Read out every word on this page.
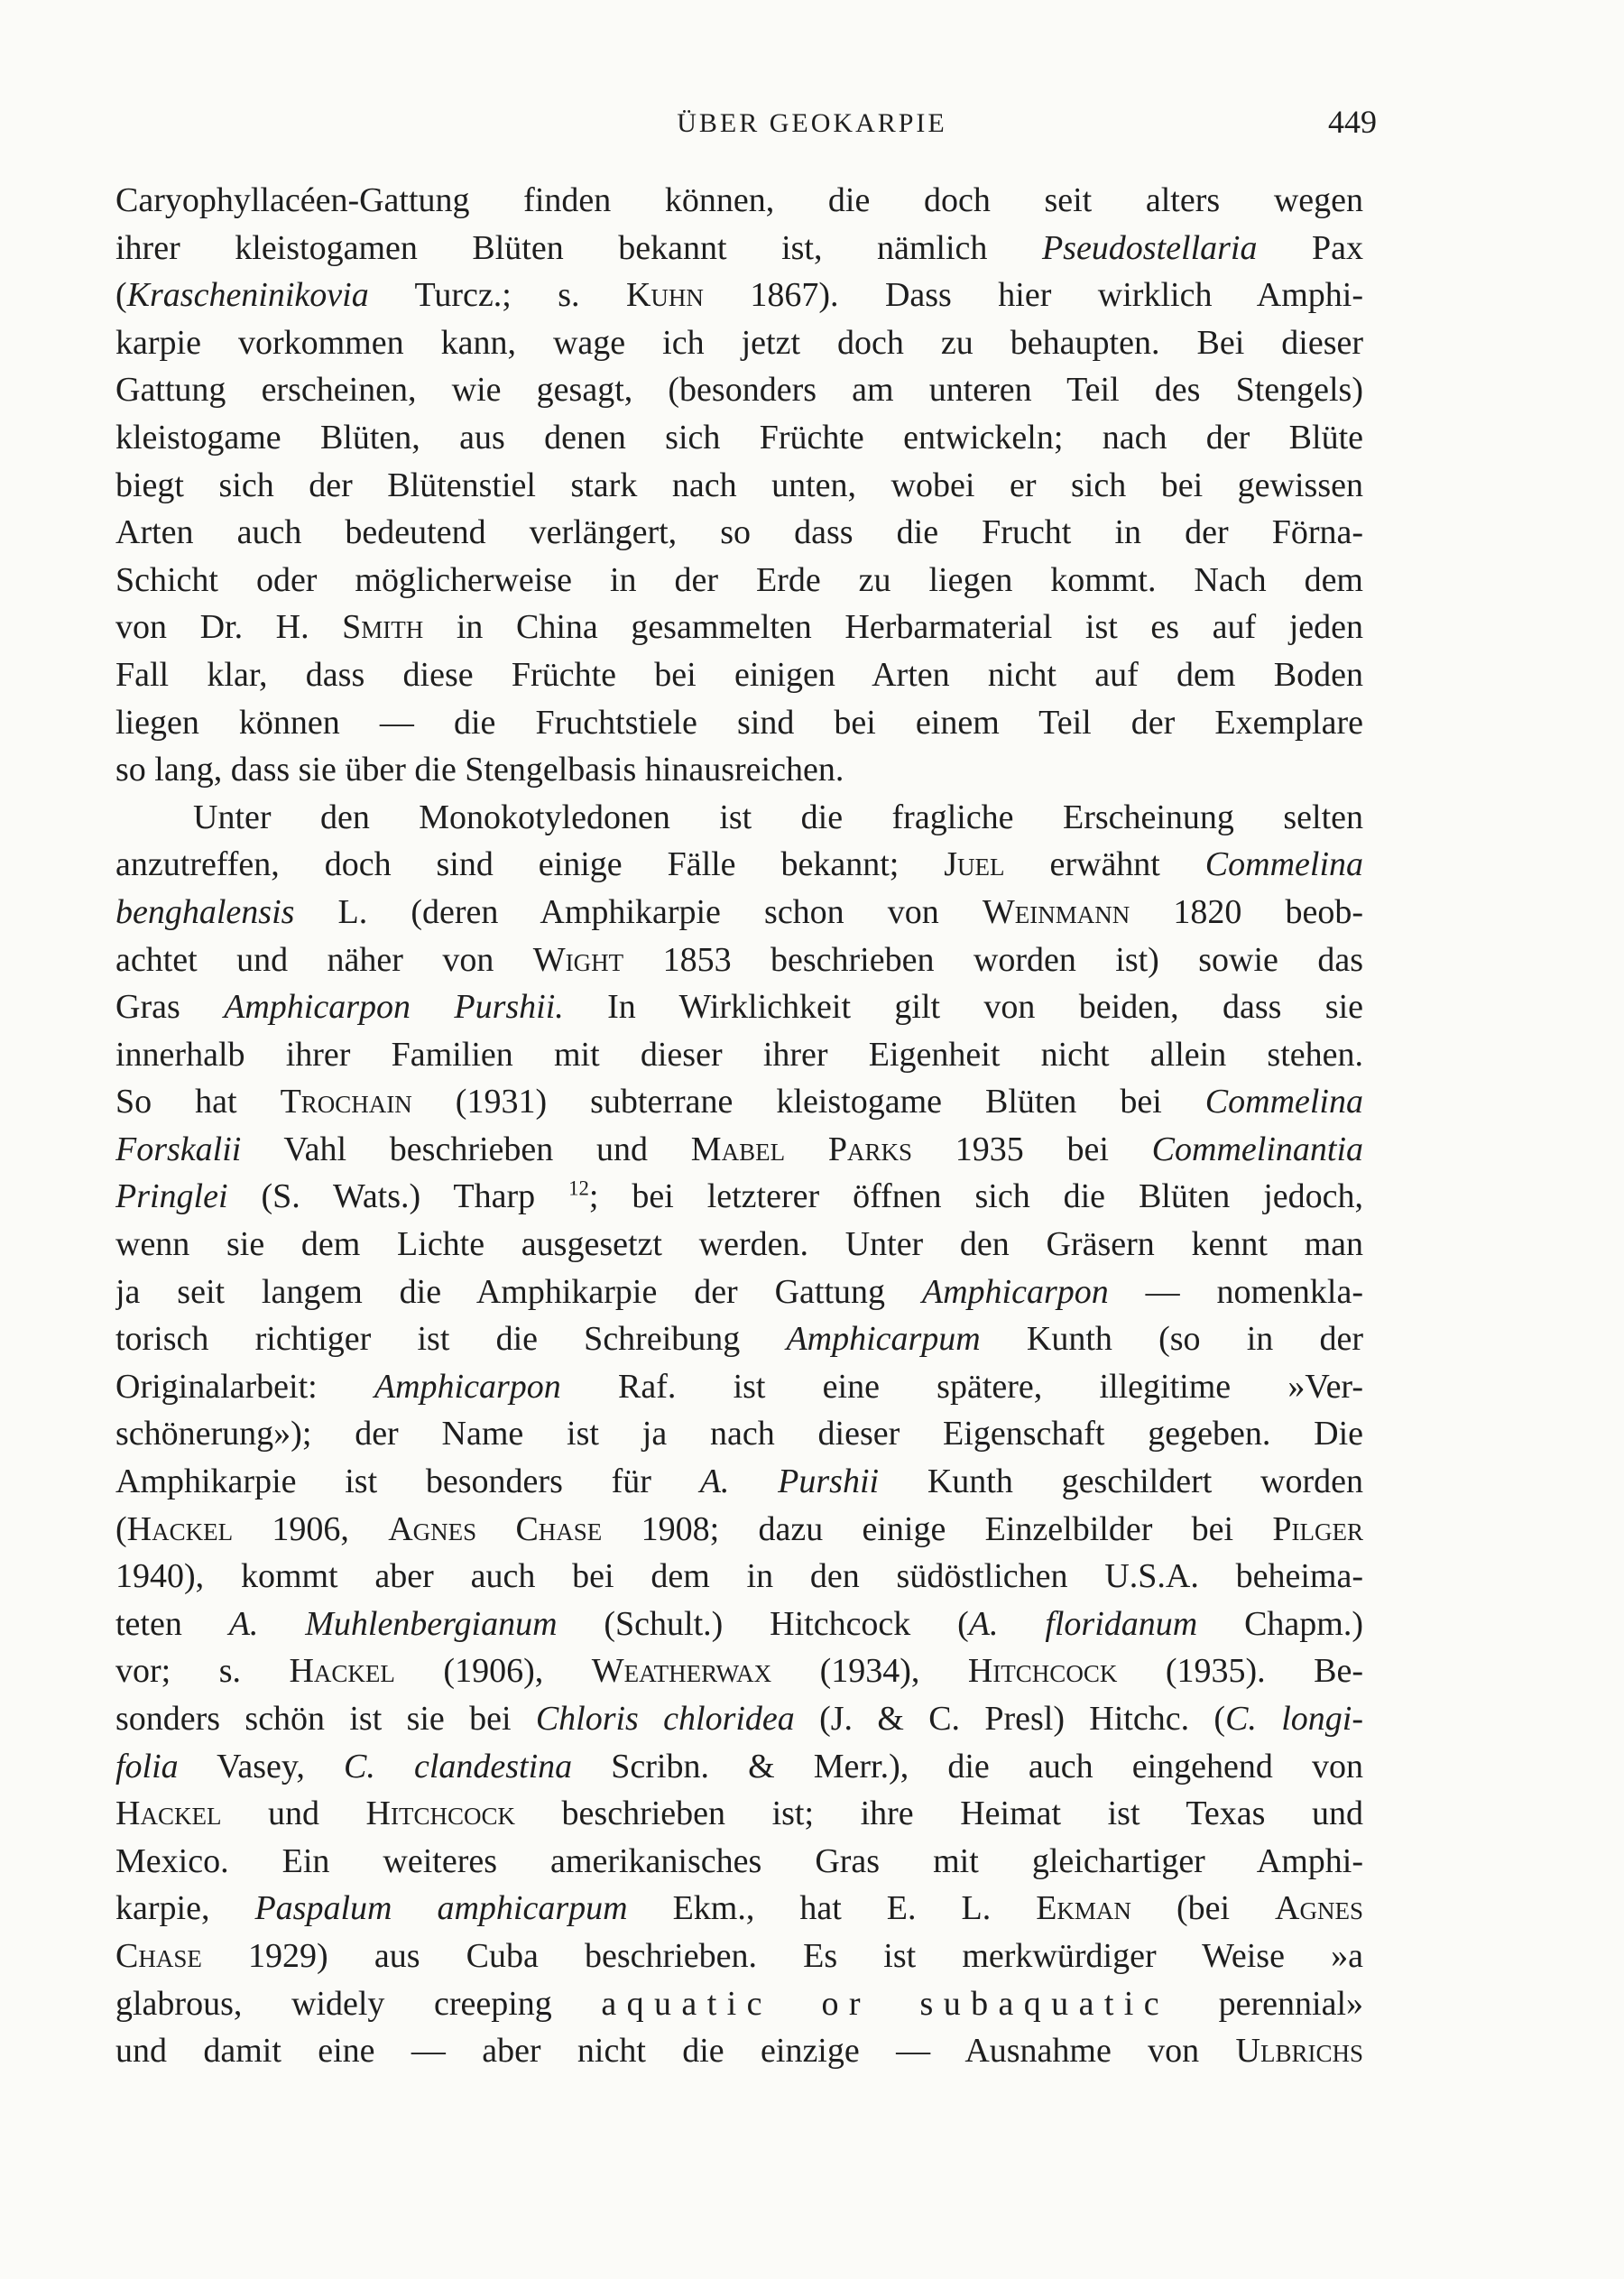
ÜBER GEOKARPIE	449
Caryophyllacéen-Gattung finden können, die doch seit alters wegen
ihrer kleistogamen Blüten bekannt ist, nämlich Pseudostellaria Pax
(Krascheninikovia Turcz.; s. Kuhn 1867). Dass hier wirklich Amphi-
karpie vorkommen kann, wage ich jetzt doch zu behaupten. Bei dieser
Gattung erscheinen, wie gesagt, (besonders am unteren Teil des Stengels)
kleistogame Blüten, aus denen sich Früchte entwickeln; nach der Blüte
biegt sich der Blütenstiel stark nach unten, wobei er sich bei gewissen
Arten auch bedeutend verlängert, so dass die Frucht in der Förna-
Schicht oder möglicherweise in der Erde zu liegen kommt. Nach dem
von Dr. H. Smith in China gesammelten Herbarmaterial ist es auf jeden
Fall klar, dass diese Früchte bei einigen Arten nicht auf dem Boden
liegen können — die Fruchtstiele sind bei einem Teil der Exemplare
so lang, dass sie über die Stengelbasis hinausreichen.
Unter den Monokotyledonen ist die fragliche Erscheinung selten
anzutreffen, doch sind einige Fälle bekannt; Juel erwähnt Commelina
benghalensis L. (deren Amphikarpie schon von Weinmann 1820 beob-
achtet und näher von Wight 1853 beschrieben worden ist) sowie das
Gras Amphicarpon Purshii. In Wirklichkeit gilt von beiden, dass sie
innerhalb ihrer Familien mit dieser ihrer Eigenheit nicht allein stehen.
So hat Trochain (1931) subterrane kleistogame Blüten bei Commelina
Forskalii Vahl beschrieben und Mabel Parks 1935 bei Commelinantia
Pringlei (S. Wats.) Tharp $^{12}$; bei letzterer öffnen sich die Blüten jedoch,
wenn sie dem Lichte ausgesetzt werden. Unter den Gräsern kennt man
ja seit langem die Amphikarpie der Gattung Amphicarpon — nomenkla-
torisch richtiger ist die Schreibung Amphicarpum Kunth (so in der
Originalarbeit: Amphicarpon Raf. ist eine spätere, illegitime »Ver-
schönerung»); der Name ist ja nach dieser Eigenschaft gegeben. Die
Amphikarpie ist besonders für A. Purshii Kunth geschildert worden
(Hackel 1906, Agnes Chase 1908; dazu einige Einzelbilder bei Pilger
1940), kommt aber auch bei dem in den südöstlichen U.S.A. beheima-
teten A. Muhlenbergianum (Schult.) Hitchcock (A. floridanum Chapm.)
vor; s. Hackel (1906), Weatherwax (1934), Hitchcock (1935). Be-
sonders schön ist sie bei Chloris chloridea (J. & C. Presl) Hitchc. (C. longi-
folia Vasey, C. clandestina Scribn. & Merr.), die auch eingehend von
Hackel und Hitchcock beschrieben ist; ihre Heimat ist Texas und
Mexico. Ein weiteres amerikanisches Gras mit gleichartiger Amphi-
karpie, Paspalum amphicarpum Ekm., hat E. L. Ekman (bei Agnes
Chase 1929) aus Cuba beschrieben. Es ist merkwürdiger Weise »a
glabrous, widely creeping aquatic or subaquatic perennial»
und damit eine — aber nicht die einzige — Ausnahme von Ulbrichs
